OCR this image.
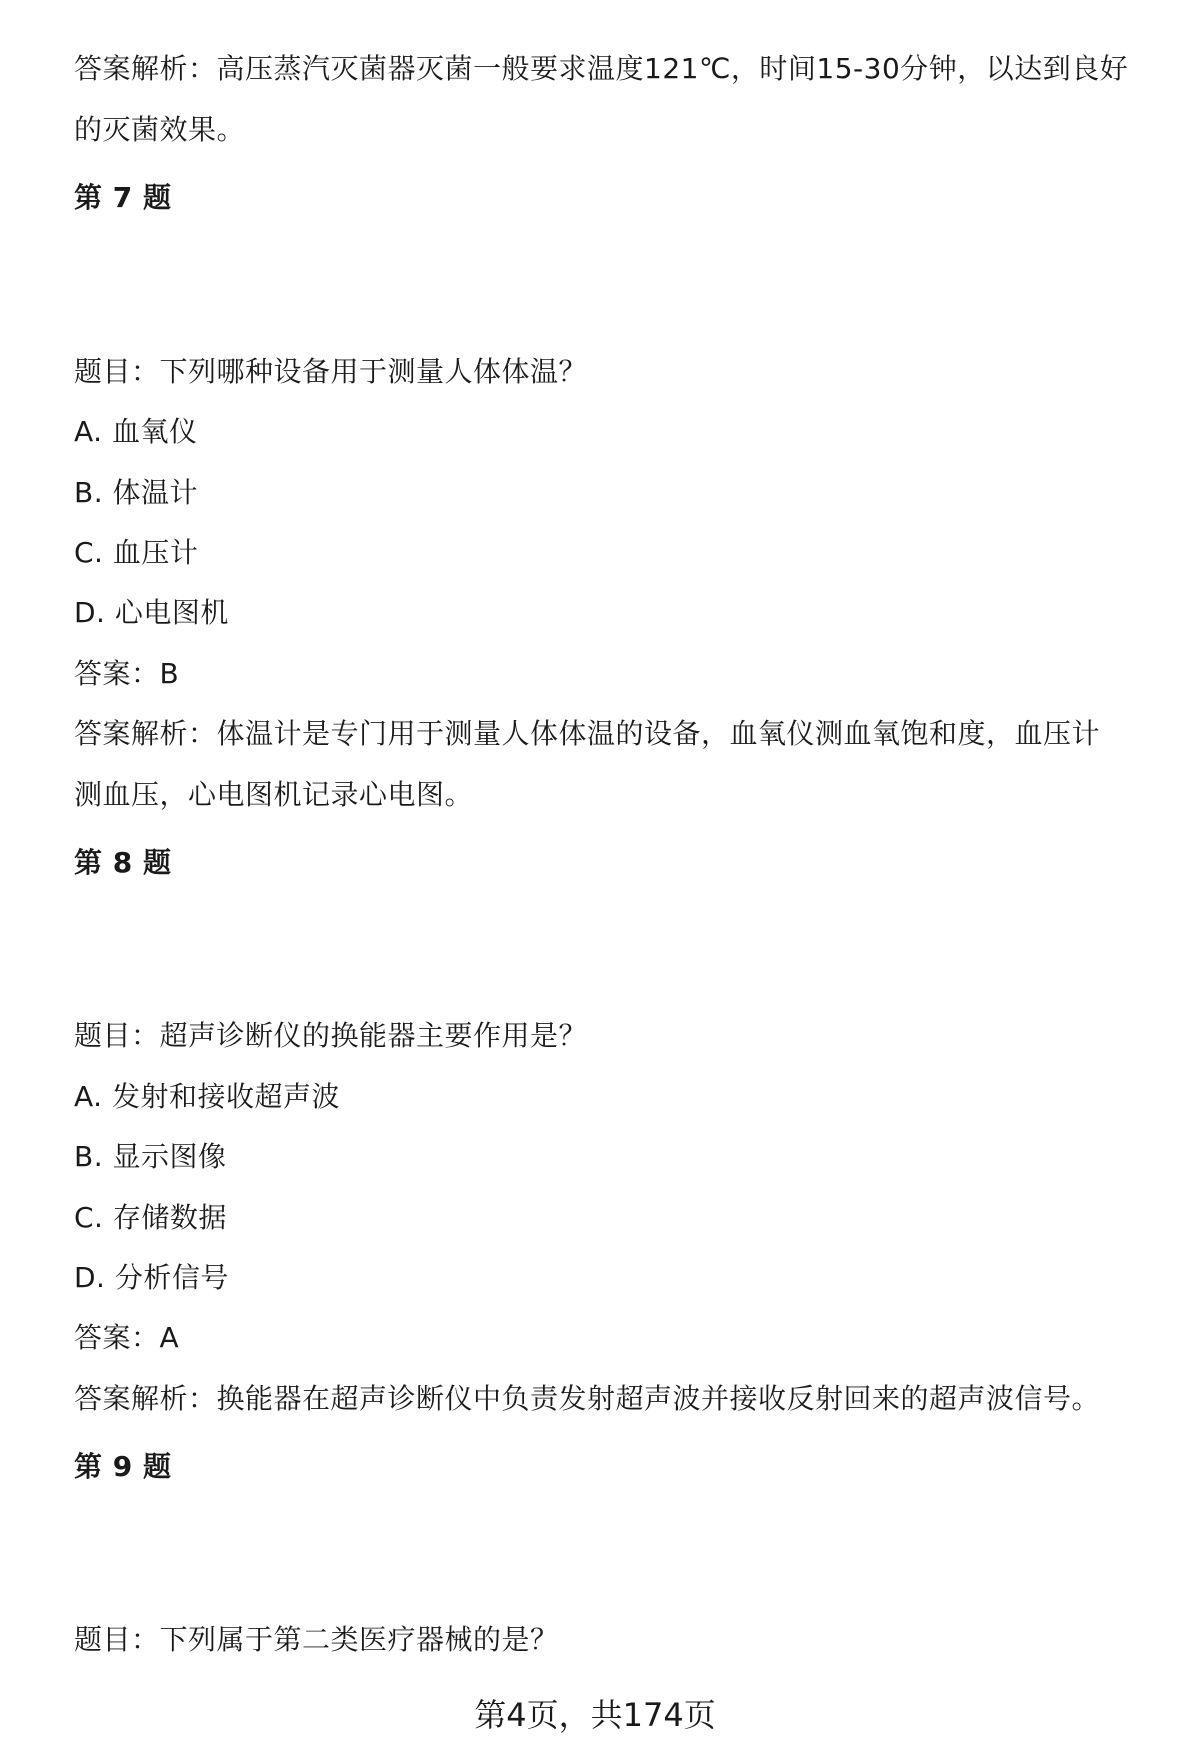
答案解析：高压蒸汽灭菌器灭菌一般要求温度121℃，时间15-30分钟，以达到良好
的灭菌效果。
第 7 题
题目：下列哪种设备用于测量人体体温？
A. 血氧仪
B. 体温计
C. 血压计
D. 心电图机
答案：B
答案解析：体温计是专门用于测量人体体温的设备，血氧仪测血氧饱和度，血压计
测血压，心电图机记录心电图。
第 8 题
题目：超声诊断仪的换能器主要作用是？
A. 发射和接收超声波
B. 显示图像
C. 存储数据
D. 分析信号
答案：A
答案解析：换能器在超声诊断仪中负责发射超声波并接收反射回来的超声波信号。
第 9 题
题目：下列属于第二类医疗器械的是？
第4页，共174页
